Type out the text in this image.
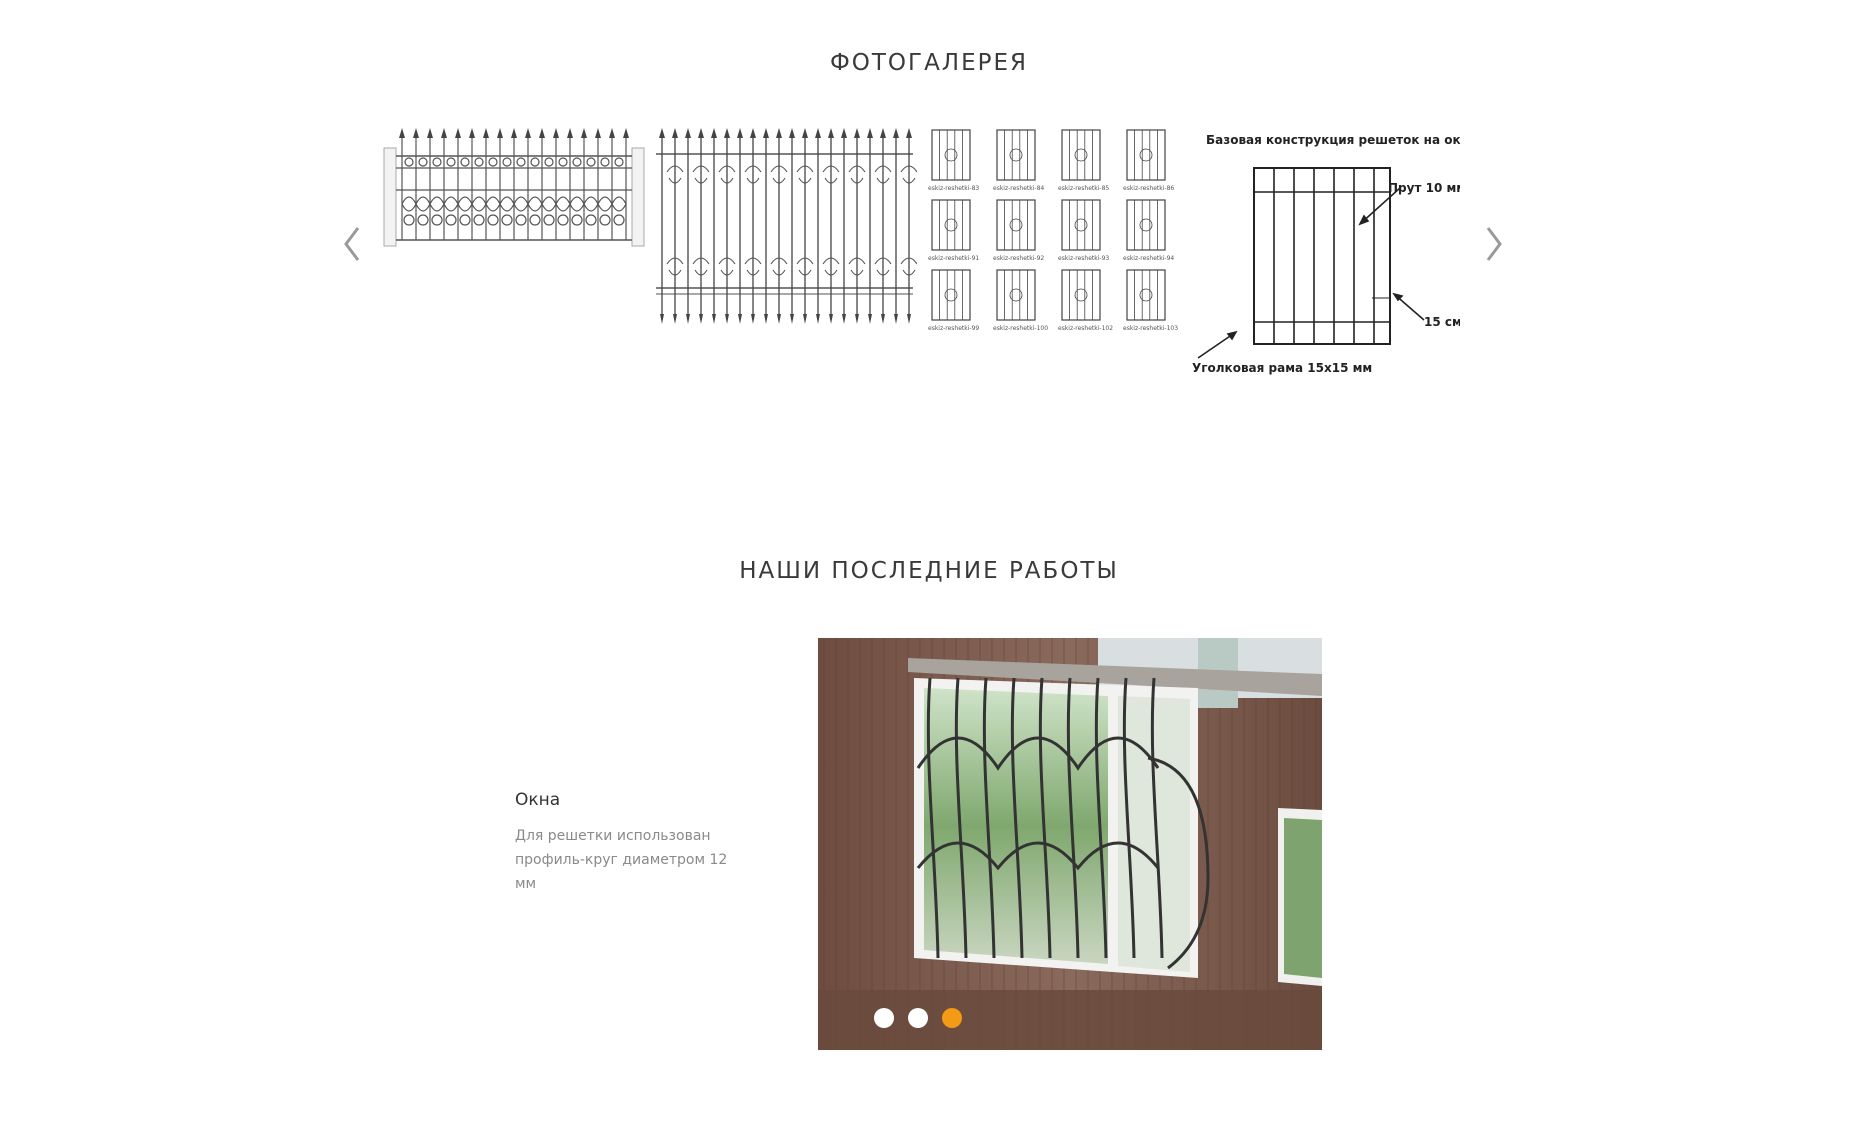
ФОТОГАЛЕРЕЯ
eskiz-reshetki-83 eskiz-reshetki-84 eskiz-reshetki-85 eskiz-reshetki-86
eskiz-reshetki-91 eskiz-reshetki-92 eskiz-reshetki-93 eskiz-reshetki-94
eskiz-reshetki-99 eskiz-reshetki-100 eskiz-reshetki-102 eskiz-reshetki-103
Базовая конструкция решеток на окна
Прут 10 мм
15 см
Уголковая рама 15х15 мм
НАШИ ПОСЛЕДНИЕ РАБОТЫ
Окна

Для решетки использован профиль-круг диаметром 12 мм
